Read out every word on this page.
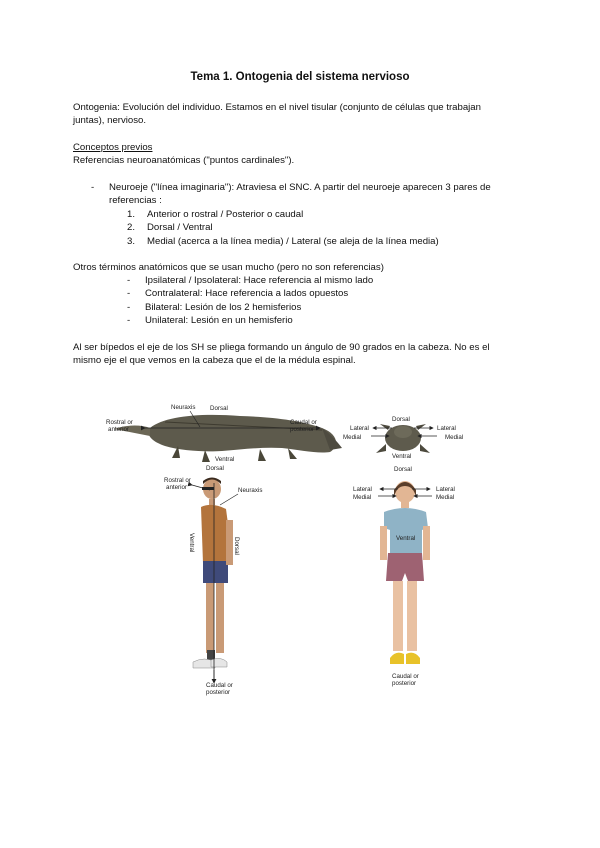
Tema 1. Ontogenia del sistema nervioso
Ontogenia: Evolución del individuo. Estamos en el nivel tisular (conjunto de células que trabajan
juntas), nervioso.
Conceptos previos
Referencias neuroanatómicas ("puntos cardinales").
- Neuroeje ("línea imaginaria"): Atraviesa el SNC. A partir del neuroeje aparecen 3 pares de
referencias :
1. Anterior o rostral / Posterior o caudal
2. Dorsal / Ventral
3. Medial (acerca a la línea media) / Lateral (se aleja de la línea media)
Otros términos anatómicos que se usan mucho (pero no son referencias)
- Ipsilateral / Ipsolateral: Hace referencia al mismo lado
- Contralateral: Hace referencia a lados opuestos
- Bilateral: Lesión de los 2 hemisferios
- Unilateral: Lesión en un hemisferio
Al ser bípedos el eje de los SH se pliega formando un ángulo de 90 grados en la cabeza. No es el
mismo eje el que vemos en la cabeza que el de la médula espinal.
Neuraxis Dorsal
Rostral or
anterior
Caudal or
posterior
Ventral
Dorsal
Lateral	Lateral
Medial	Medial
Ventral
Dorsal
Rostral or
anterior	Neuraxis
Ventral	Dorsal
Caudal or
posterior
Dorsal
Lateral	Lateral
Medial	Medial
Ventral
Caudal or
posterior
